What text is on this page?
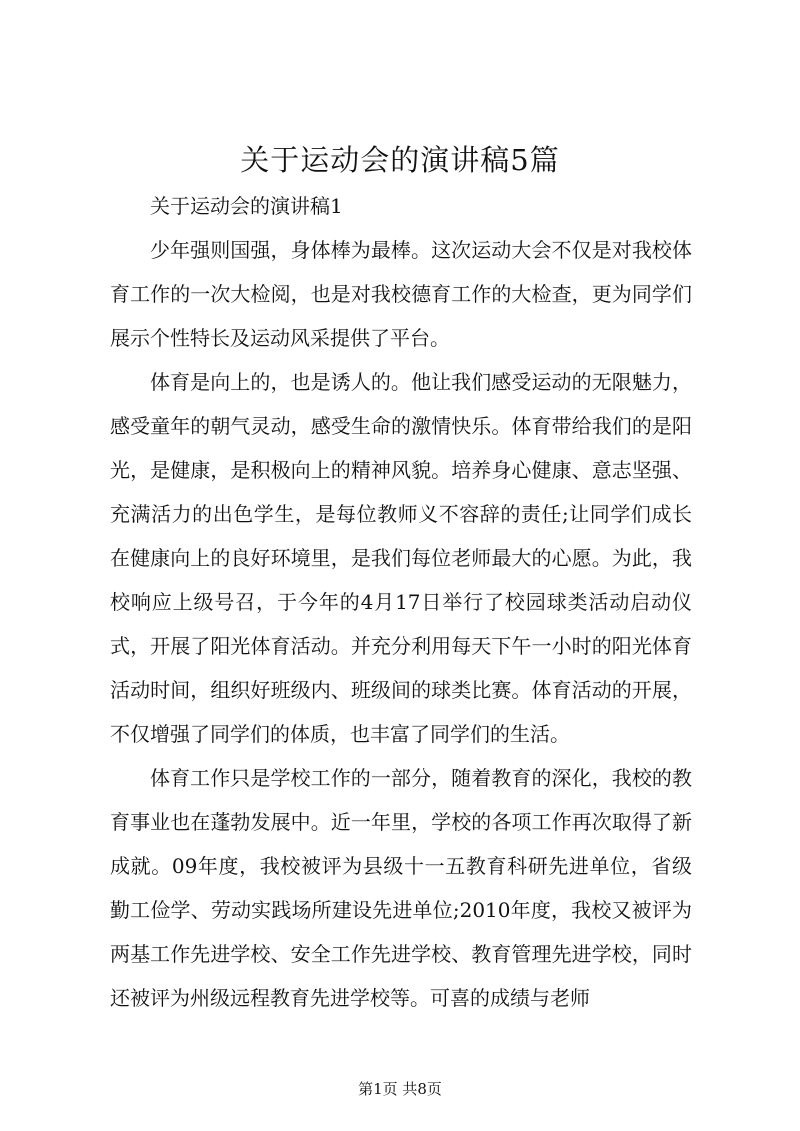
关于运动会的演讲稿5篇

关于运动会的演讲稿1

少年强则国强，身体棒为最棒。这次运动大会不仅是对我校体育工作的一次大检阅，也是对我校德育工作的大检查，更为同学们展示个性特长及运动风采提供了平台。

体育是向上的，也是诱人的。他让我们感受运动的无限魅力，感受童年的朝气灵动，感受生命的激情快乐。体育带给我们的是阳光，是健康，是积极向上的精神风貌。培养身心健康、意志坚强、充满活力的出色学生，是每位教师义不容辞的责任;让同学们成长在健康向上的良好环境里，是我们每位老师最大的心愿。为此，我校响应上级号召，于今年的4月17日举行了校园球类活动启动仪式，开展了阳光体育活动。并充分利用每天下午一小时的阳光体育活动时间，组织好班级内、班级间的球类比赛。体育活动的开展，不仅增强了同学们的体质，也丰富了同学们的生活。

体育工作只是学校工作的一部分，随着教育的深化，我校的教育事业也在蓬勃发展中。近一年里，学校的各项工作再次取得了新成就。09年度，我校被评为县级十一五教育科研先进单位，省级勤工俭学、劳动实践场所建设先进单位;2010年度，我校又被评为两基工作先进学校、安全工作先进学校、教育管理先进学校，同时还被评为州级远程教育先进学校等。可喜的成绩与老师

第1页 共8页
